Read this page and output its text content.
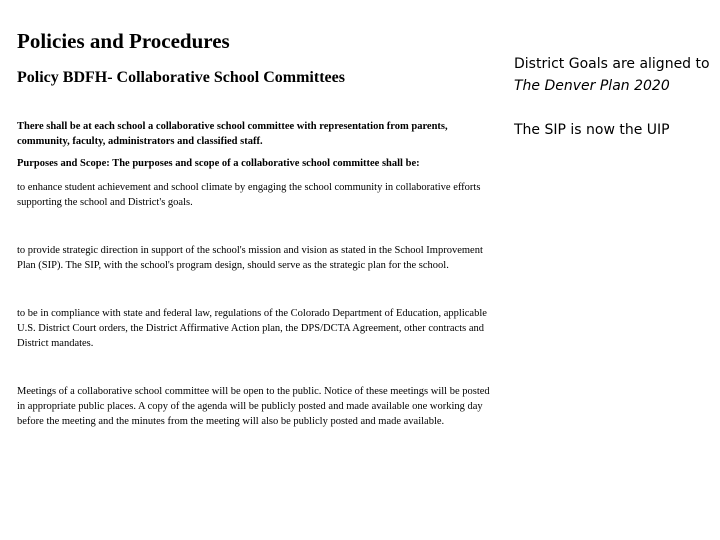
Policies and Procedures
Policy BDFH- Collaborative School Committees

There shall be at each school a collaborative school committee with representation from parents, community, faculty, administrators and classified staff.

Purposes and Scope: The purposes and scope of a collaborative school committee shall be:

to enhance student achievement and school climate by engaging the school community in collaborative efforts supporting the school and District's goals.

to provide strategic direction in support of the school's mission and vision as stated in the School Improvement Plan (SIP). The SIP, with the school's program design, should serve as the strategic plan for the school.

to be in compliance with state and federal law, regulations of the Colorado Department of Education, applicable U.S. District Court orders, the District Affirmative Action plan, the DPS/DCTA Agreement, other contracts and District mandates.

Meetings of a collaborative school committee will be open to the public. Notice of these meetings will be posted in appropriate public places. A copy of the agenda will be publicly posted and made available one working day before the meeting and the minutes from the meeting will also be publicly posted and made available.

District Goals are aligned to

The Denver Plan 2020

The SIP is now the UIP
